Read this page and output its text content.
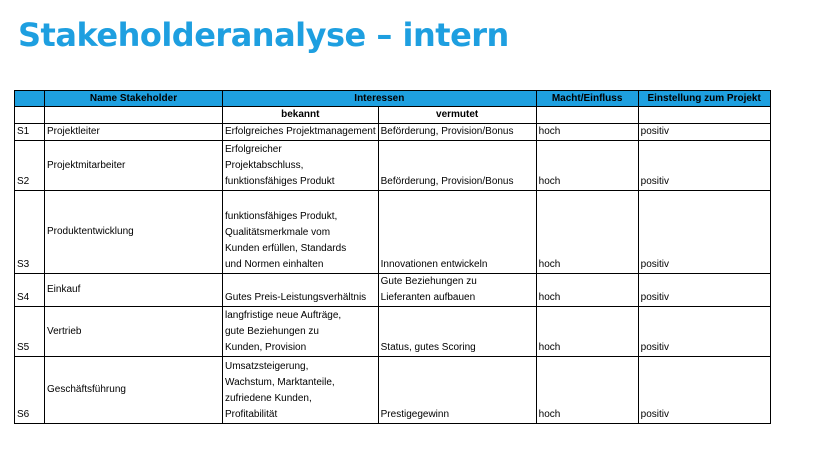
Stakeholderanalyse – intern
	Name Stakeholder	Interessen		Macht/Einfluss	Einstellung zum Projekt
		bekannt	vermutet		
S1	Projektleiter	Erfolgreiches Projektmanagement	Beförderung, Provision/Bonus	hoch	positiv
S2	Projektmitarbeiter	Erfolgreicher
Projektabschluss,
funktionsfähiges Produkt	Beförderung, Provision/Bonus	hoch	positiv
S3	Produktentwicklung	funktionsfähiges Produkt,
Qualitätsmerkmale vom
Kunden erfüllen, Standards
und Normen einhalten	Innovationen entwickeln	hoch	positiv
S4	Einkauf	Gutes Preis-Leistungsverhältnis	Gute Beziehungen zu
Lieferanten aufbauen	hoch	positiv
S5	Vertrieb	langfristige neue Aufträge,
gute Beziehungen zu
Kunden, Provision	Status, gutes Scoring	hoch	positiv
S6	Geschäftsführung	Umsatzsteigerung,
Wachstum, Marktanteile,
zufriedene Kunden,
Profitabilität	Prestigegewinn	hoch	positiv
